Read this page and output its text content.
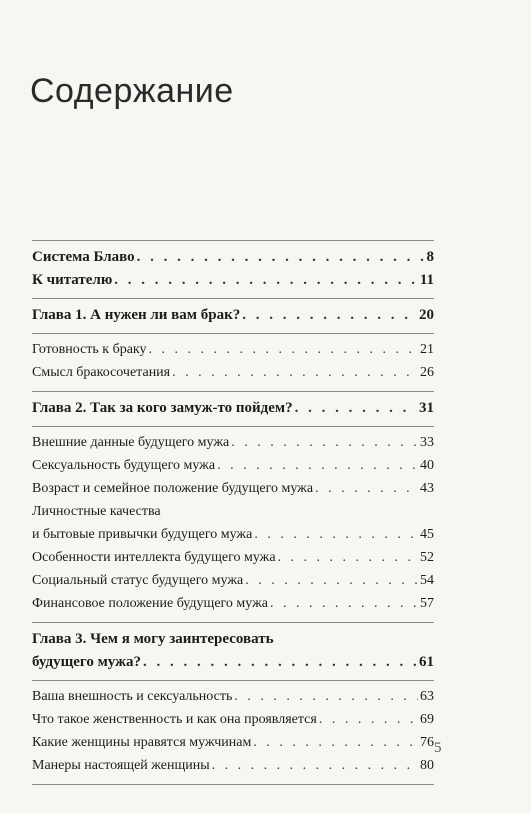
Содержание
Система Блаво . . .	8
К читателю . . .	11
Глава 1. А нужен ли вам брак? . . .	20
Готовность к браку . . .	21
Смысл бракосочетания . . .	26
Глава 2. Так за кого замуж-то пойдем? . . .	31
Внешние данные будущего мужа . . .	33
Сексуальность будущего мужа . . .	40
Возраст и семейное положение будущего мужа . . .	43
Личностные качества
и бытовые привычки будущего мужа . . .	45
Особенности интеллекта будущего мужа . . .	52
Социальный статус будущего мужа . . .	54
Финансовое положение будущего мужа . . .	57
Глава 3. Чем я могу заинтересовать
будущего мужа? . . .	61
Ваша внешность и сексуальность . . .	63
Что такое женственность и как она проявляется . . .	69
Какие женщины нравятся мужчинам . . .	76
Манеры настоящей женщины . . .	80
5
